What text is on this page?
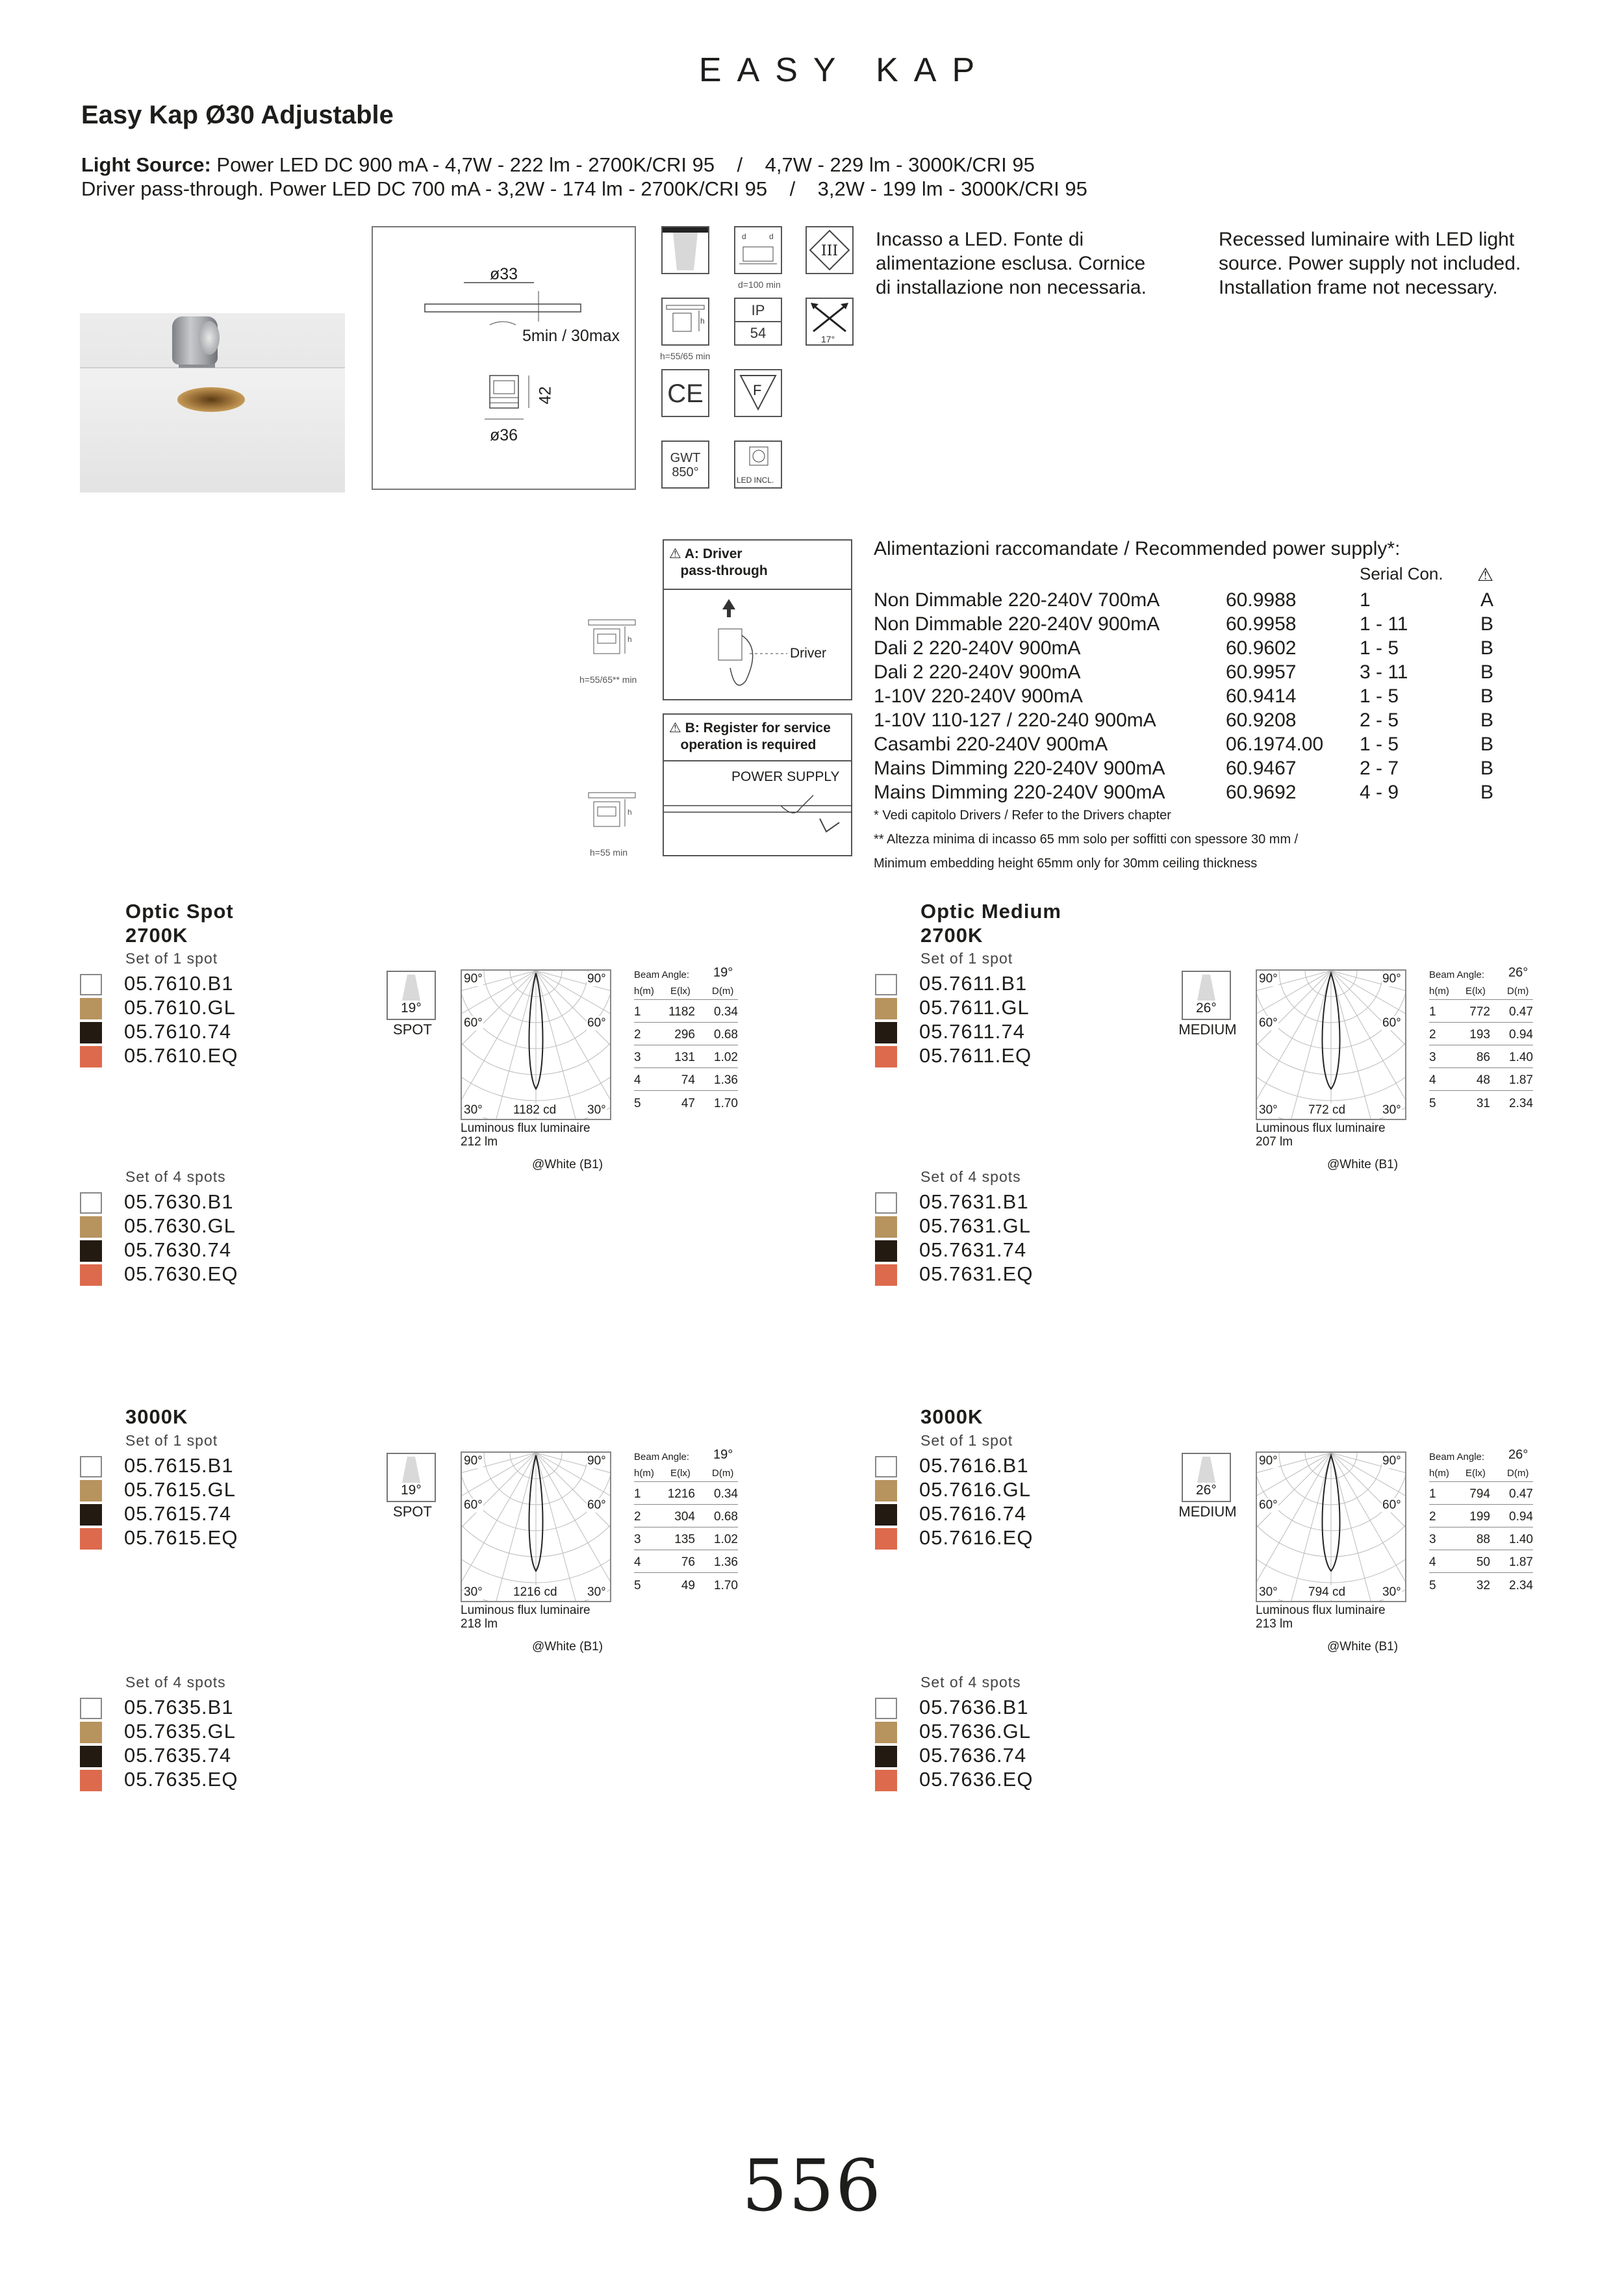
EASY KAP
Easy Kap Ø30 Adjustable
Light Source: Power LED DC 900 mA - 4,7W - 222 lm - 2700K/CRI 95    /    4,7W - 229 lm - 3000K/CRI 95
Driver pass-through. Power LED DC 700 mA - 3,2W - 174 lm - 2700K/CRI 95    /    3,2W - 199 lm - 3000K/CRI 95
ø33
5min / 30max
42
ø36
d	d
d=100 min
III
h
h=55/65 min
IP
54	17°
CE	F
GWT
850°
LED INCL.
Incasso a LED. Fonte di alimentazione esclusa. Cornice di installazione non necessaria.
Recessed luminaire with LED light source. Power supply not included. Installation frame not necessary.
h
h=55/65** min
⚠ A: Driver
pass-through
Driver
h
h=55 min
⚠ B: Register for service
operation is required
POWER SUPPLY
Alimentazioni raccomandate / Recommended power supply*:
Serial Con. ⚠
Non Dimmable 220-240V 700mA	60.9988	1	A
Non Dimmable 220-240V 900mA	60.9958	1 - 11	B
Dali 2 220-240V 900mA	60.9602	1 - 5	B
Dali 2 220-240V 900mA	60.9957	3 - 11	B
1-10V 220-240V 900mA	60.9414	1 - 5	B
1-10V 110-127 / 220-240 900mA	60.9208	2 - 5	B
Casambi 220-240V 900mA	06.1974.00 1 - 5	B
Mains Dimming 220-240V 900mA	60.9467	2 - 7	B
Mains Dimming 220-240V 900mA	60.9692	4 - 9	B
* Vedi capitolo Drivers / Refer to the Drivers chapter
** Altezza minima di incasso 65 mm solo per soffitti con spessore 30 mm /
Minimum embedding height 65mm only for 30mm ceiling thickness
Optic Spot
2700K
Set of 1 spot
05.7610.B1
05.7610.GL
05.7610.74
05.7610.EQ
Set of 4 spots
05.7630.B1
05.7630.GL
05.7630.74
05.7630.EQ
19°
SPOT
90°	90°
60°	60°
30°	30°
1182 cd
Luminous flux luminaire
212 lm
@White (B1)
Beam Angle: 19°
h(m) E(lx) D(m)
1 1182 0.34
2	296 0.68
3	131 1.02
4	74 1.36
5	47 1.70
Optic Medium
2700K
Set of 1 spot
05.7611.B1
05.7611.GL
05.7611.74
05.7611.EQ
Set of 4 spots
05.7631.B1
05.7631.GL
05.7631.74
05.7631.EQ
26°
MEDIUM
90°	90°
60°	60°
30°	30°
772 cd
Luminous flux luminaire
207 lm
@White (B1)
Beam Angle: 26°
h(m) E(lx) D(m)
1	772 0.47
2	193 0.94
3	86 1.40
4	48 1.87
5	31 2.34
3000K
Set of 1 spot
05.7615.B1
05.7615.GL
05.7615.74
05.7615.EQ
Set of 4 spots
05.7635.B1
05.7635.GL
05.7635.74
05.7635.EQ
19°
SPOT
90°	90°
60°	60°
30°	30°
1216 cd
Luminous flux luminaire
218 lm
@White (B1)
Beam Angle: 19°
h(m) E(lx) D(m)
1 1216 0.34
2	304 0.68
3	135 1.02
4	76 1.36
5	49 1.70
3000K
Set of 1 spot
05.7616.B1
05.7616.GL
05.7616.74
05.7616.EQ
Set of 4 spots
05.7636.B1
05.7636.GL
05.7636.74
05.7636.EQ
26°
MEDIUM
90°	90°
60°	60°
30°	30°
794 cd
Luminous flux luminaire
213 lm
@White (B1)
Beam Angle: 26°
h(m) E(lx) D(m)
1	794 0.47
2	199 0.94
3	88 1.40
4	50 1.87
5	32 2.34
556
